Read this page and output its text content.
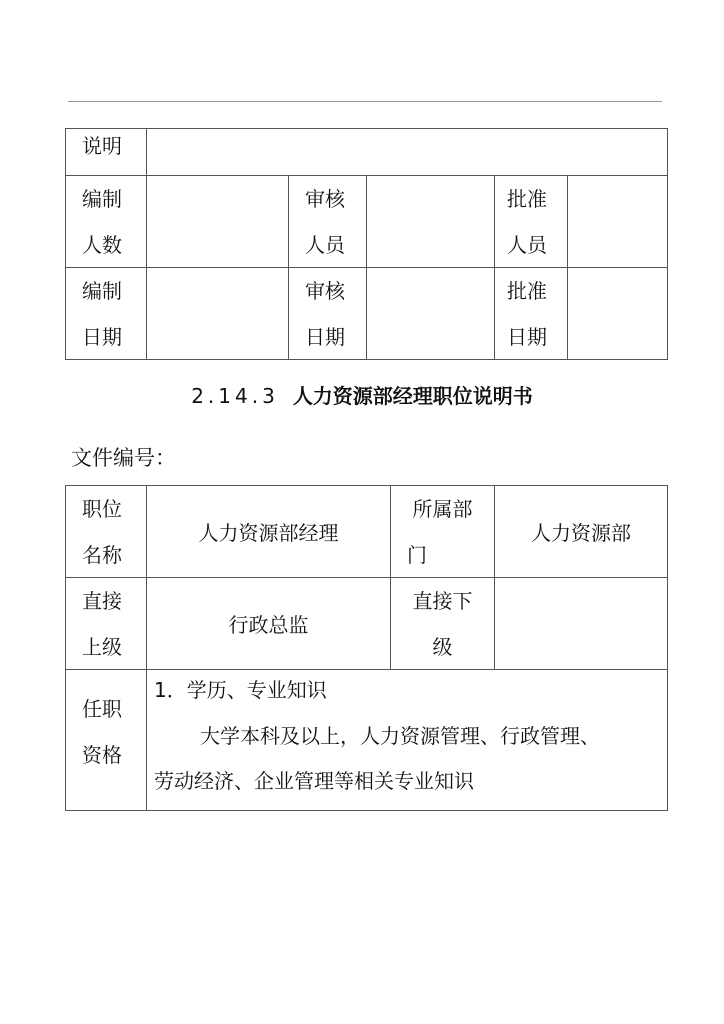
说明
编制
人数
审核
人员
批准
人员
编制
日期
审核
日期
批准
日期
2.14.3 人力资源部经理职位说明书
文件编号：
职位
名称
人力资源部经理
所属部
门
人力资源部
直接
上级
行政总监
直接下
级
任职
资格
1．学历、专业知识
大学本科及以上，人力资源管理、行政管理、
劳动经济、企业管理等相关专业知识
